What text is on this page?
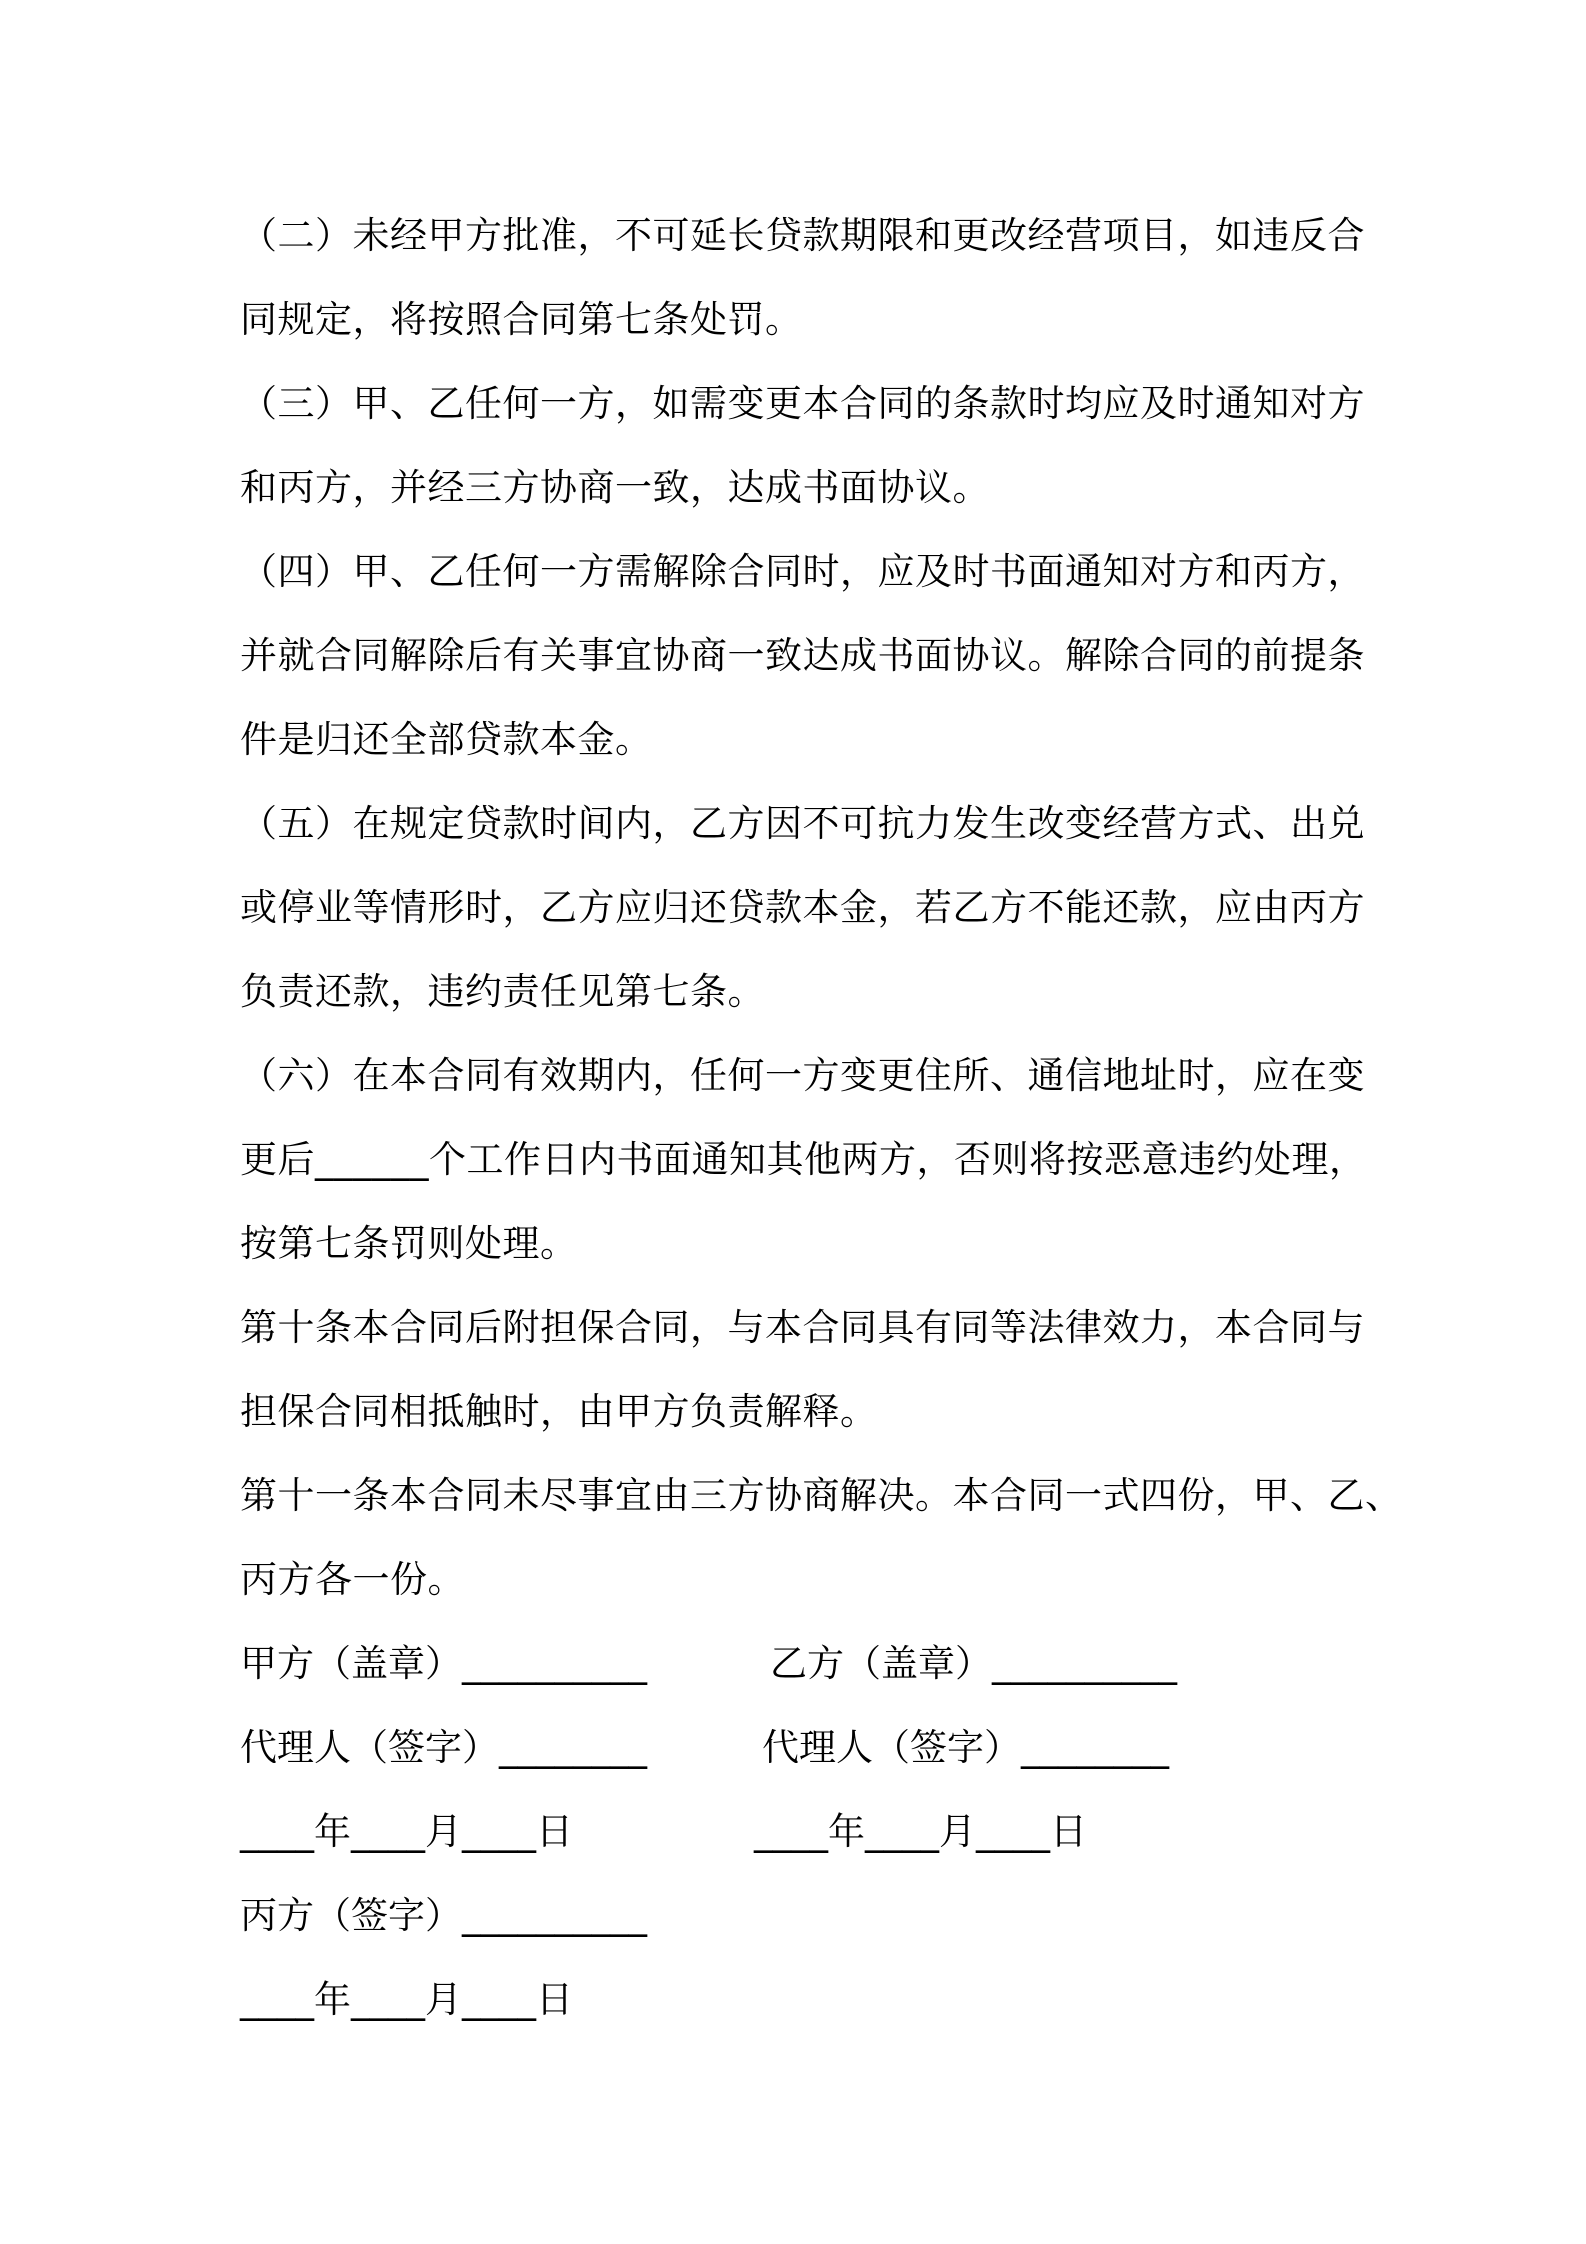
（二）未经甲方批准，不可延长贷款期限和更改经营项目，如违反合
同规定，将按照合同第七条处罚。
（三）甲、乙任何一方，如需变更本合同的条款时均应及时通知对方
和丙方，并经三方协商一致，达成书面协议。
（四）甲、乙任何一方需解除合同时，应及时书面通知对方和丙方，
并就合同解除后有关事宜协商一致达成书面协议。解除合同的前提条
件是归还全部贷款本金。
（五）在规定贷款时间内，乙方因不可抗力发生改变经营方式、出兑
或停业等情形时，乙方应归还贷款本金，若乙方不能还款，应由丙方
负责还款，违约责任见第七条。
（六）在本合同有效期内，任何一方变更住所、通信地址时，应在变
更后______个工作日内书面通知其他两方，否则将按恶意违约处理，
按第七条罚则处理。
第十条本合同后附担保合同，与本合同具有同等法律效力，本合同与
担保合同相抵触时，由甲方负责解释。
第十一条本合同未尽事宜由三方协商解决。本合同一式四份，甲、乙、
丙方各一份。
甲方（盖章）__________	乙方（盖章）__________
代理人（签字）________	代理人（签字）________
____年____月____日	____年____月____日
丙方（签字）__________
____年____月____日
